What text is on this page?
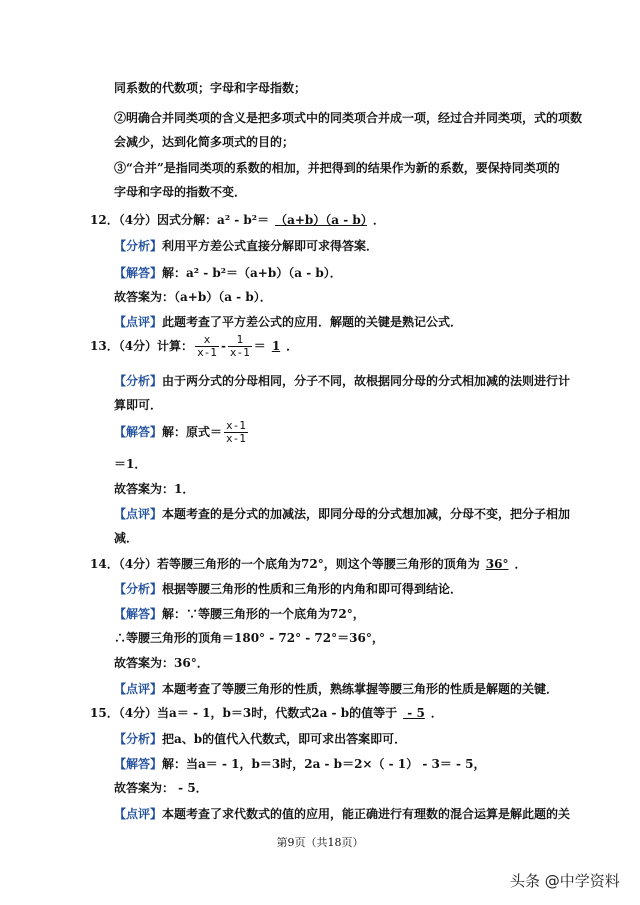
同系数的代数项；字母和字母指数；
②明确合并同类项的含义是把多项式中的同类项合并成一项，经过合并同类项，式的项数
会减少，达到化简多项式的目的；
③“合并”是指同类项的系数的相加，并把得到的结果作为新的系数，要保持同类项的
字母和字母的指数不变．
12．（4分）因式分解：a² - b²＝ （a+b）（a - b） ．
【分析】利用平方差公式直接分解即可求得答案．
【解答】解：a² - b²＝（a+b）（a - b）．
故答案为：（a+b）（a - b）．
【点评】此题考查了平方差公式的应用．解题的关键是熟记公式．
13．（4分）计算： $\frac{x}{x-1} - \frac{1}{x-1} = 1$ ．
【分析】由于两分式的分母相同，分子不同，故根据同分母的分式相加减的法则进行计
算即可．
【解答】解：原式＝ $\frac{x-1}{x-1}$
＝1．
故答案为：1．
【点评】本题考查的是分式的加减法，即同分母的分式想加减，分母不变，把分子相加
减．
14．（4分）若等腰三角形的一个底角为72°，则这个等腰三角形的顶角为 36° ．
【分析】根据等腰三角形的性质和三角形的内角和即可得到结论．
【解答】解：∵等腰三角形的一个底角为72°，
∴等腰三角形的顶角＝180° - 72° - 72°＝36°，
故答案为：36°．
【点评】本题考查了等腰三角形的性质，熟练掌握等腰三角形的性质是解题的关键．
15．（4分）当a＝ - 1，b＝3时，代数式2a - b的值等于 - 5 ．
【分析】把a、b的值代入代数式，即可求出答案即可．
【解答】解：当a＝ - 1，b＝3时，2a - b＝2×（ - 1） - 3＝ - 5，
故答案为： - 5．
【点评】本题考查了求代数式的值的应用，能正确进行有理数的混合运算是解此题的关
第9页（共18页）
头条 @中学资料
